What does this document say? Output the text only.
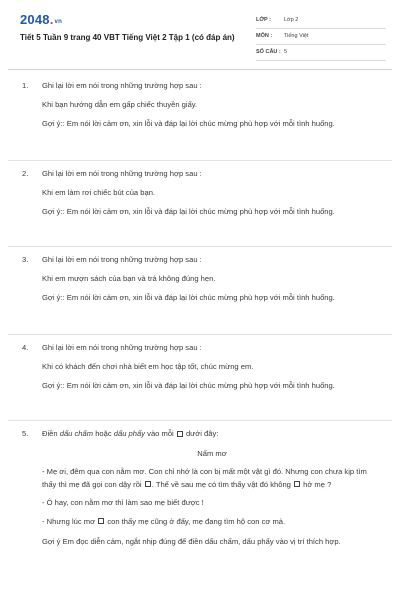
2048.vn
Tiết 5 Tuần 9 trang 40 VBT Tiếng Việt 2 Tập 1 (có đáp án)
LỚP : Lớp 2
MÔN : Tiếng Việt
SỐ CÂU : 5
1. Ghi lại lời em nói trong những trường hợp sau :
Khi bạn hướng dẫn em gấp chiếc thuyền giấy.
Gợi ý:: Em nói lời cảm ơn, xin lỗi và đáp lại lời chúc mừng phù hợp với mỗi tình huống.
2. Ghi lại lời em nói trong những trường hợp sau :
Khi em làm rơi chiếc bút của bạn.
Gợi ý:: Em nói lời cảm ơn, xin lỗi và đáp lại lời chúc mừng phù hợp với mỗi tình huống.
3. Ghi lại lời em nói trong những trường hợp sau :
Khi em mượn sách của bạn và trả không đúng hẹn.
Gợi ý:: Em nói lời cảm ơn, xin lỗi và đáp lại lời chúc mừng phù hợp với mỗi tình huống.
4. Ghi lại lời em nói trong những trường hợp sau :
Khi có khách đến chơi nhà biết em học tập tốt, chúc mừng em.
Gợi ý:: Em nói lời cảm ơn, xin lỗi và đáp lại lời chúc mừng phù hợp với mỗi tình huống.
5. Điền dấu chấm hoặc dấu phẩy vào mỗi  dưới đây:
Nấm mơ
- Mẹ ơi, đêm qua con nằm mơ. Con chỉ nhớ là con bị mất một vật gì đó. Nhưng con chưa kịp tìm thấy thì mẹ đã gọi con dậy rồi . Thế về sau mẹ có tìm thấy vật đó không  hở mẹ ?
- Ô hay, con nằm mơ thì làm sao mẹ biết được !
- Nhưng lúc mơ  con thấy mẹ cũng ở đấy, mẹ đang tìm hộ con cơ mà.
Gợi ý Em đọc diễn cảm, ngắt nhịp đúng để điền dấu chấm, dấu phẩy vào vị trí thích hợp.
